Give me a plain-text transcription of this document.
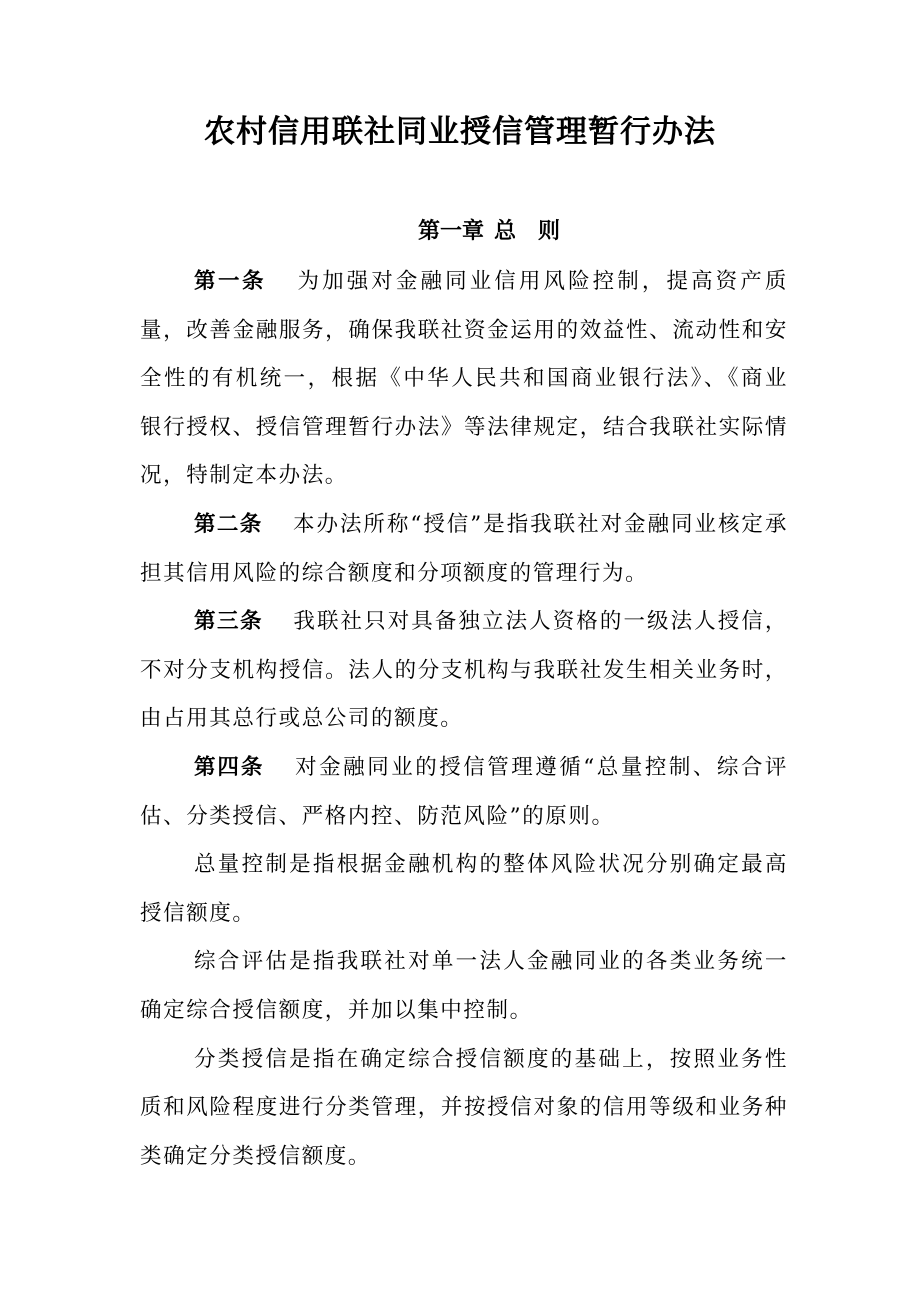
农村信用联社同业授信管理暂行办法
第一章 总 则

第一条 为加强对金融同业信用风险控制，提高资产质量，改善金融服务，确保我联社资金运用的效益性、流动性和安全性的有机统一，根据《中华人民共和国商业银行法》、《商业银行授权、授信管理暂行办法》等法律规定，结合我联社实际情况，特制定本办法。

第二条 本办法所称“授信”是指我联社对金融同业核定承担其信用风险的综合额度和分项额度的管理行为。

第三条 我联社只对具备独立法人资格的一级法人授信，不对分支机构授信。法人的分支机构与我联社发生相关业务时，由占用其总行或总公司的额度。

第四条 对金融同业的授信管理遵循“总量控制、综合评估、分类授信、严格内控、防范风险”的原则。

总量控制是指根据金融机构的整体风险状况分别确定最高授信额度。

综合评估是指我联社对单一法人金融同业的各类业务统一确定综合授信额度，并加以集中控制。

分类授信是指在确定综合授信额度的基础上，按照业务性质和风险程度进行分类管理，并按授信对象的信用等级和业务种类确定分类授信额度。
